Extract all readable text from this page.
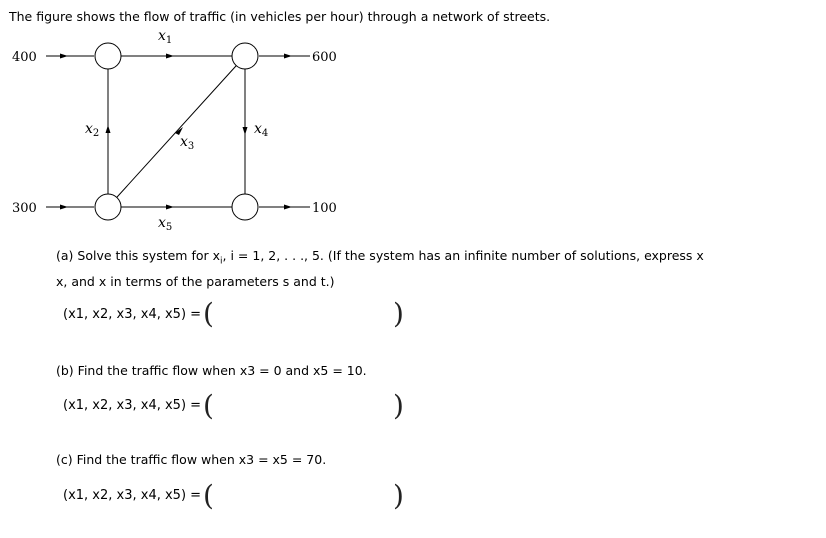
The figure shows the flow of traffic (in vehicles per hour) through a network of streets.
400	600
300	100
$x_1$
$x_2$
$x_3$
$x_4$
$x_5$
(a) Solve this system for $x_i$, i = 1, 2, . . ., 5. (If the system has an infinite number of solutions, express x
x, and x in terms of the parameters s and t.)
(x1, x2, x3, x4, x5) = (	)
(b) Find the traffic flow when x3 = 0 and x5 = 10.
(x1, x2, x3, x4, x5) = (	)
(c) Find the traffic flow when x3 = x5 = 70.
(x1, x2, x3, x4, x5) = (	)
